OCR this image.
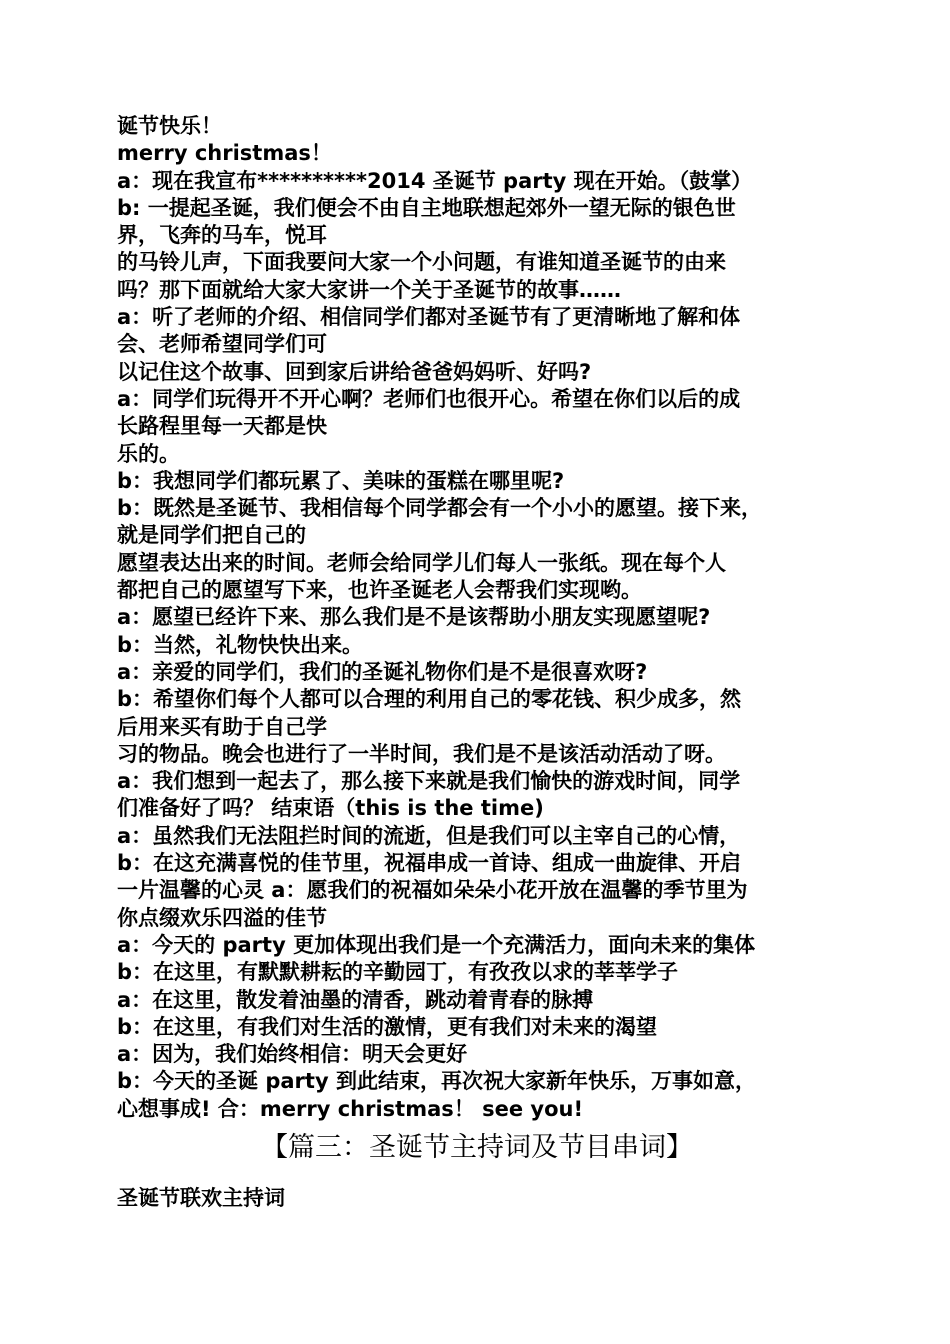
诞节快乐！

merry christmas！

a：现在我宣布**********2014 圣诞节 party 现在开始。（鼓掌）

b: 一提起圣诞，我们便会不由自主地联想起郊外一望无际的银色世

界，飞奔的马车，悦耳

的马铃儿声，下面我要问大家一个小问题，有谁知道圣诞节的由来

吗？那下面就给大家大家讲一个关于圣诞节的故事……

a：听了老师的介绍、相信同学们都对圣诞节有了更清晰地了解和体

会、老师希望同学们可

以记住这个故事、回到家后讲给爸爸妈妈听、好吗?

a：同学们玩得开不开心啊？老师们也很开心。希望在你们以后的成

长路程里每一天都是快

乐的。

b：我想同学们都玩累了、美味的蛋糕在哪里呢?

b：既然是圣诞节、我相信每个同学都会有一个小小的愿望。接下来，

就是同学们把自己的

愿望表达出来的时间。老师会给同学儿们每人一张纸。现在每个人

都把自己的愿望写下来，也许圣诞老人会帮我们实现哟。

a：愿望已经许下来、那么我们是不是该帮助小朋友实现愿望呢?

b：当然，礼物快快出来。

a：亲爱的同学们，我们的圣诞礼物你们是不是很喜欢呀?

b：希望你们每个人都可以合理的利用自己的零花钱、积少成多，然

后用来买有助于自己学

习的物品。晚会也进行了一半时间，我们是不是该活动活动了呀。

a：我们想到一起去了，那么接下来就是我们愉快的游戏时间，同学

们准备好了吗？ 结束语（this is the time)

a：虽然我们无法阻拦时间的流逝，但是我们可以主宰自己的心情，

b：在这充满喜悦的佳节里，祝福串成一首诗、组成一曲旋律、开启

一片温馨的心灵 a：愿我们的祝福如朵朵小花开放在温馨的季节里为

你点缀欢乐四溢的佳节

a：今天的 party 更加体现出我们是一个充满活力，面向未来的集体

b：在这里，有默默耕耘的辛勤园丁，有孜孜以求的莘莘学子

a：在这里，散发着油墨的清香，跳动着青春的脉搏

b：在这里，有我们对生活的激情，更有我们对未来的渴望

a：因为，我们始终相信：明天会更好

b：今天的圣诞 party 到此结束，再次祝大家新年快乐，万事如意，

心想事成! 合：merry christmas！ see you!

【篇三：圣诞节主持词及节目串词】
圣诞节联欢主持词
